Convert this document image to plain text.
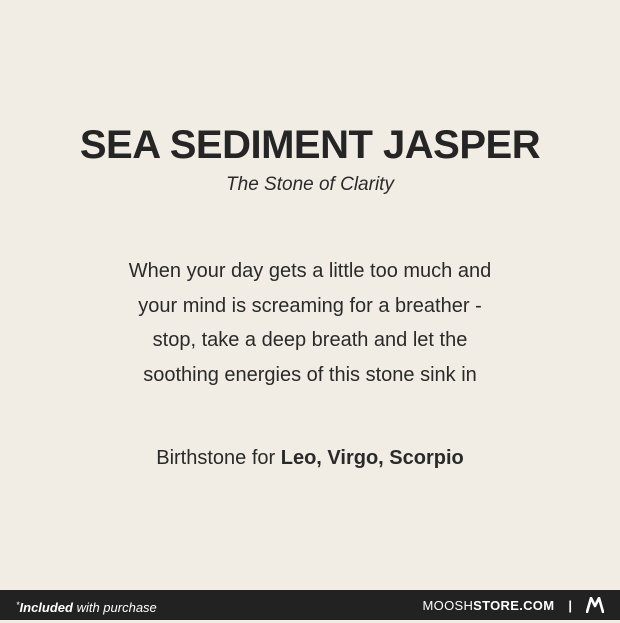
SEA SEDIMENT JASPER
The Stone of Clarity
When your day gets a little too much and
your mind is screaming for a breather -
stop, take a deep breath and let the
soothing energies of this stone sink in
Birthstone for Leo, Virgo, Scorpio
*Included with purchase	MOOSHSTORE.COM |
